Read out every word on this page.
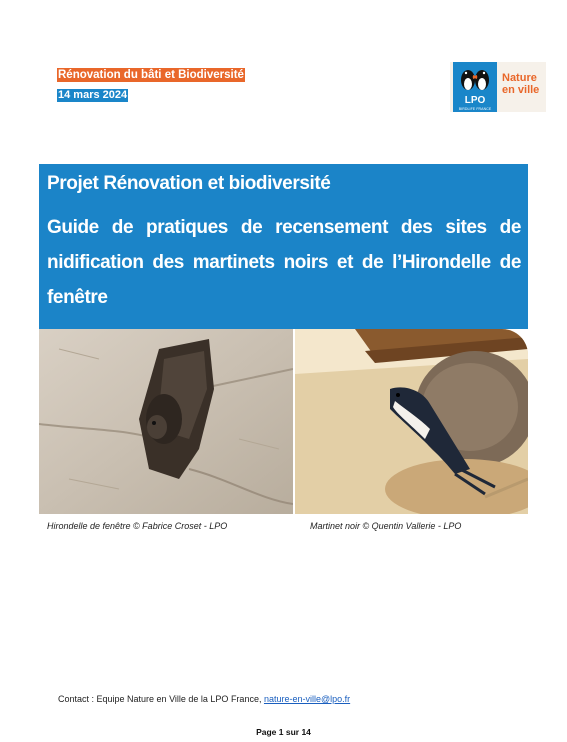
Rénovation du bâti et Biodiversité
14 mars 2024	LPO
BIRDLIFE FRANCE
Nature
en ville
Projet Rénovation et biodiversité
Guide de pratiques de recensement des sites de nidification des martinets noirs et de l’Hirondelle de fenêtre
Hirondelle de fenêtre © Fabrice Croset - LPO	Martinet noir © Quentin Vallerie - LPO
Contact : Equipe Nature en Ville de la LPO France, nature-en-ville@lpo.fr
Page 1 sur 14
